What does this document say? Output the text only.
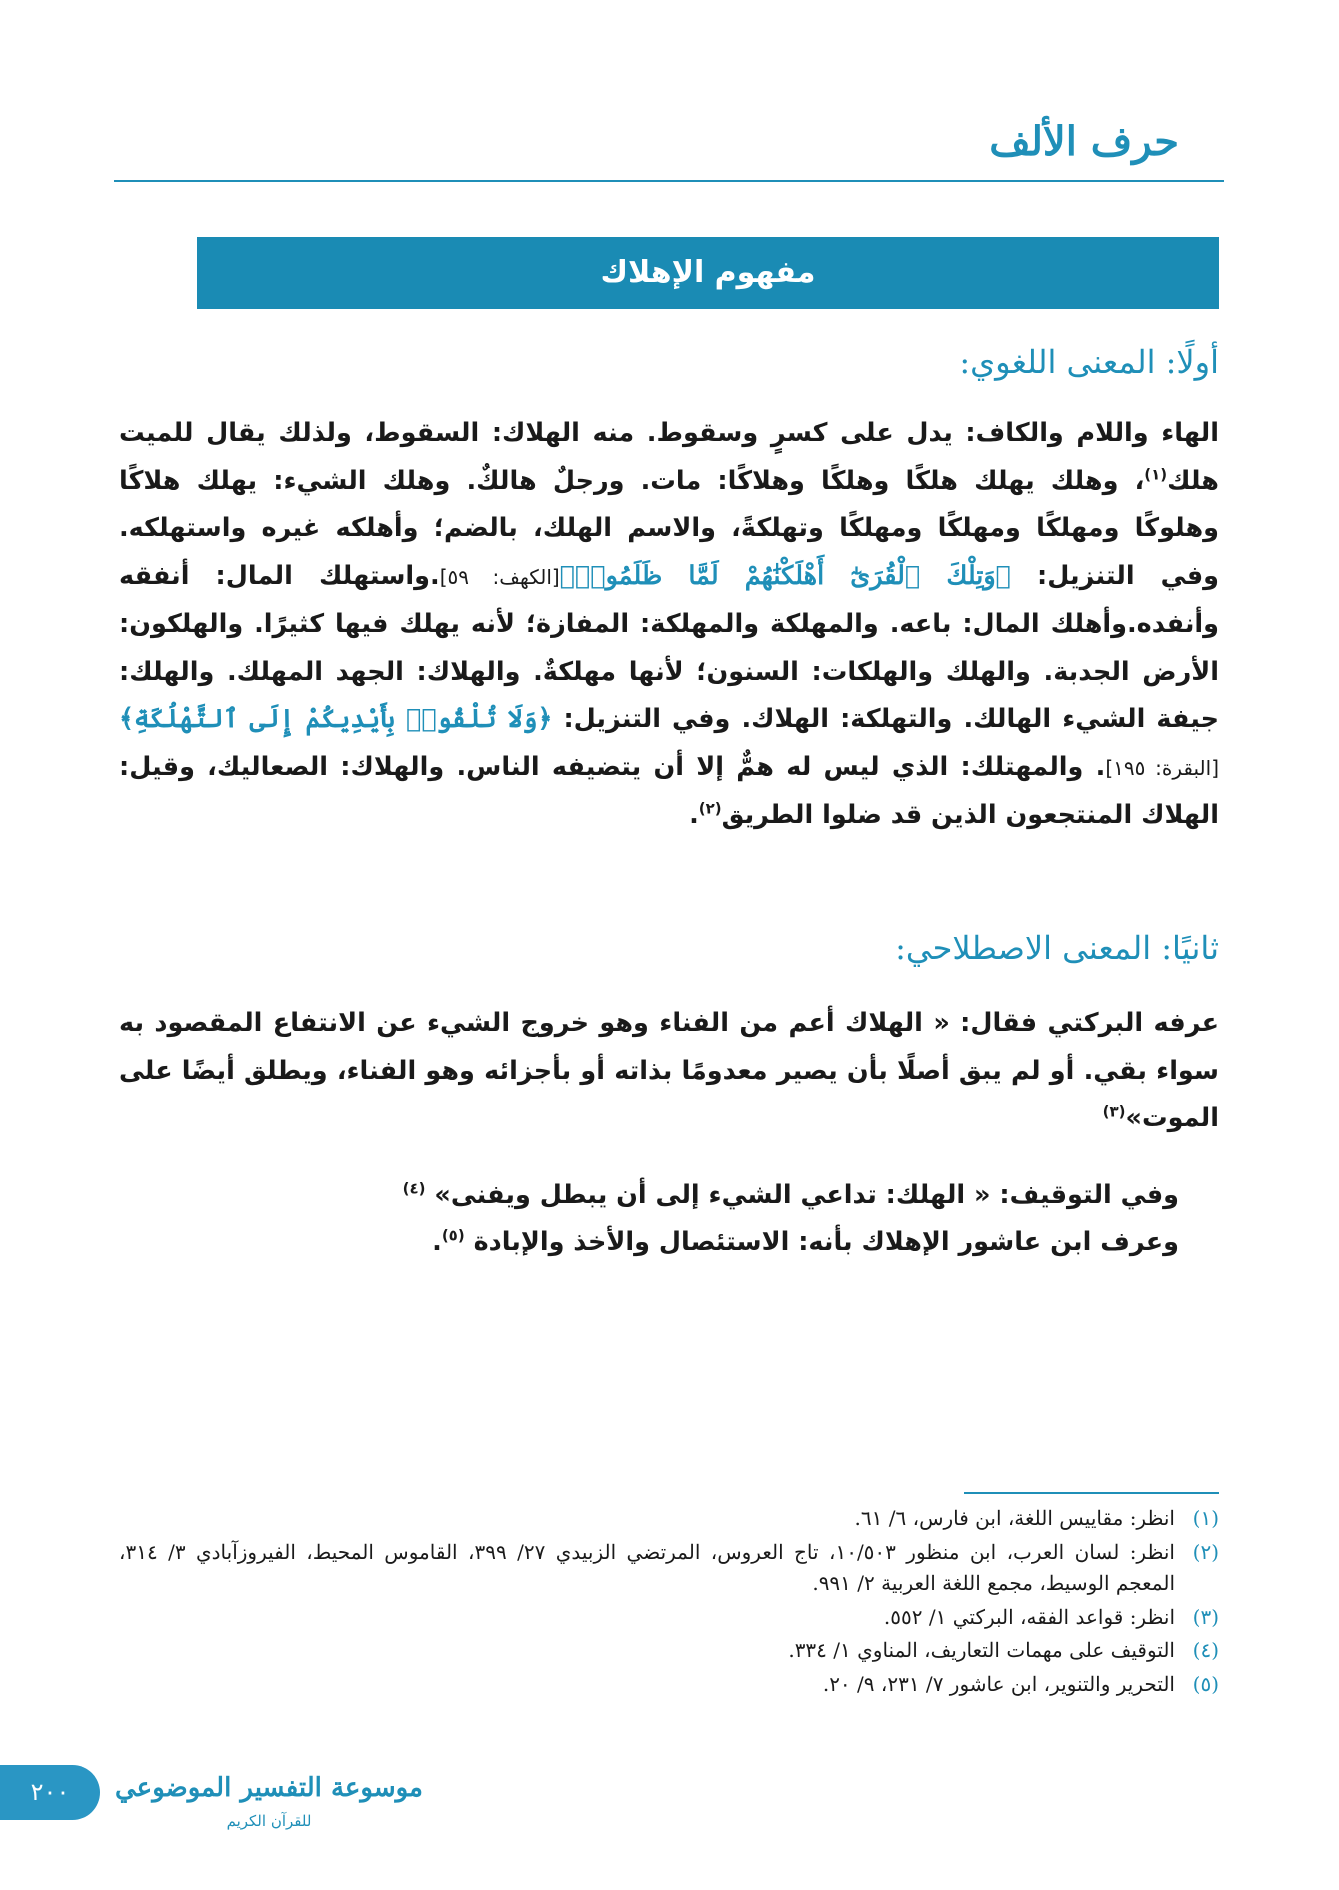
حرف الألف
مفهوم الإهلاك
أولًا: المعنى اللغوي:

الهاء واللام والكاف: يدل على كسرٍ وسقوط. منه الهلاك: السقوط، ولذلك يقال للميت هلك$^{(١)}$، وهلك يهلك هلكًا وهلكًا وهلاكًا: مات. ورجلٌ هالكٌ. وهلك الشيء: يهلك هلاكًا وهلوكًا ومهلكًا ومهلكًا ومهلكًا وتهلكةً، والاسم الهلك، بالضم؛ وأهلكه غيره واستهلكه. وفي التنزيل: ﴿وَتِلْكَ ٱلْقُرَىٰٓ أَهْلَكْنَٰهُمْ لَمَّا ظَلَمُوا۟﴾[الكهف: ٥٩].واستهلك المال: أنفقه وأنفده.وأهلك المال: باعه. والمهلكة والمهلكة: المفازة؛ لأنه يهلك فيها كثيرًا. والهلكون: الأرض الجدبة. والهلك والهلكات: السنون؛ لأنها مهلكةٌ. والهلاك: الجهد المهلك. والهلك: جيفة الشيء الهالك. والتهلكة: الهلاك. وفي التنزيل: ﴿وَلَا تُلْقُوا۟ بِأَيْدِيكُمْ إِلَى ٱلتَّهْلُكَةِ﴾ [البقرة: ١٩٥]. والمهتلك: الذي ليس له همٌّ إلا أن يتضيفه الناس. والهلاك: الصعاليك، وقيل: الهلاك المنتجعون الذين قد ضلوا الطريق$^{(٢)}$.

ثانيًا: المعنى الاصطلاحي:

عرفه البركتي فقال: « الهلاك أعم من الفناء وهو خروج الشيء عن الانتفاع المقصود به سواء بقي. أو لم يبق أصلًا بأن يصير معدومًا بذاته أو بأجزائه وهو الفناء، ويطلق أيضًا على الموت»$^{(٣)}$

وفي التوقيف: « الهلك: تداعي الشيء إلى أن يبطل ويفنى» $^{(٤)}$

وعرف ابن عاشور الإهلاك بأنه: الاستئصال والأخذ والإبادة $^{(٥)}$.

(١)
انظر: مقاييس اللغة، ابن فارس، ٦/ ٦١.
(٢)
انظر: لسان العرب، ابن منظور ١٠/٥٠٣، تاج العروس، المرتضي الزبيدي ٢٧/ ٣٩٩، القاموس المحيط، الفيروزآبادي ٣/ ٣١٤، المعجم الوسيط، مجمع اللغة العربية ٢/ ٩٩١.
(٣)
انظر: قواعد الفقه، البركتي ١/ ٥٥٢.
(٤)
التوقيف على مهمات التعاريف، المناوي ١/ ٣٣٤.
(٥)
التحرير والتنوير، ابن عاشور ٧/ ٢٣١، ٩/ ٢٠.
٢٠٠	موسوعة التفسير الموضوعي
للقرآن الكريم
